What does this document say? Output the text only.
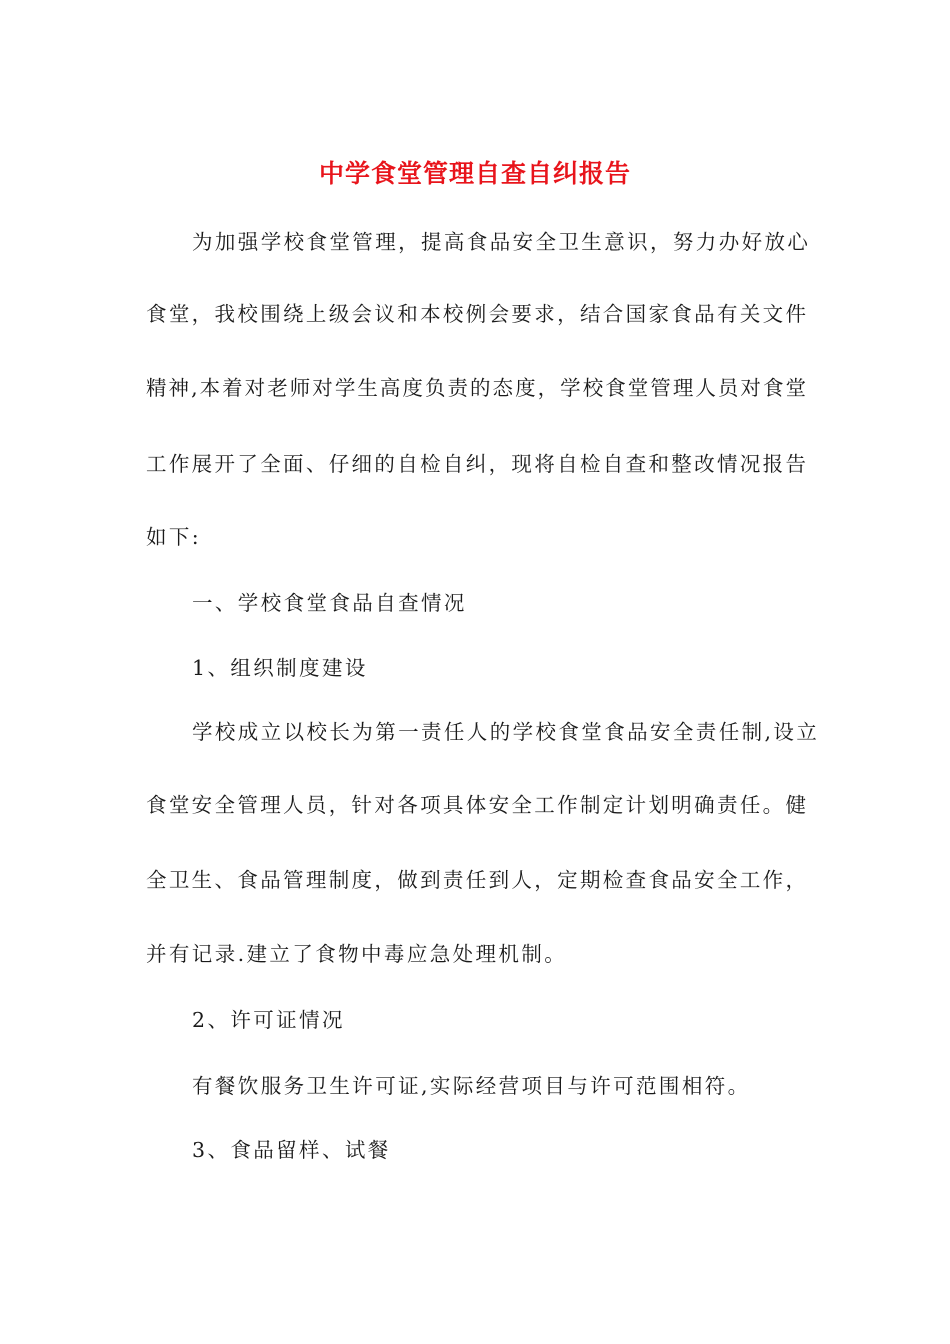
中学食堂管理自查自纠报告
为加强学校食堂管理，提高食品安全卫生意识，努力办好放心
食堂，我校围绕上级会议和本校例会要求，结合国家食品有关文件
精神,本着对老师对学生高度负责的态度，学校食堂管理人员对食堂
工作展开了全面、仔细的自检自纠，现将自检自查和整改情况报告
如下:
一、学校食堂食品自查情况
1、组织制度建设
学校成立以校长为第一责任人的学校食堂食品安全责任制,设立
食堂安全管理人员，针对各项具体安全工作制定计划明确责任。健
全卫生、食品管理制度，做到责任到人，定期检查食品安全工作，
并有记录.建立了食物中毒应急处理机制。
2、许可证情况
有餐饮服务卫生许可证,实际经营项目与许可范围相符。
3、食品留样、试餐
